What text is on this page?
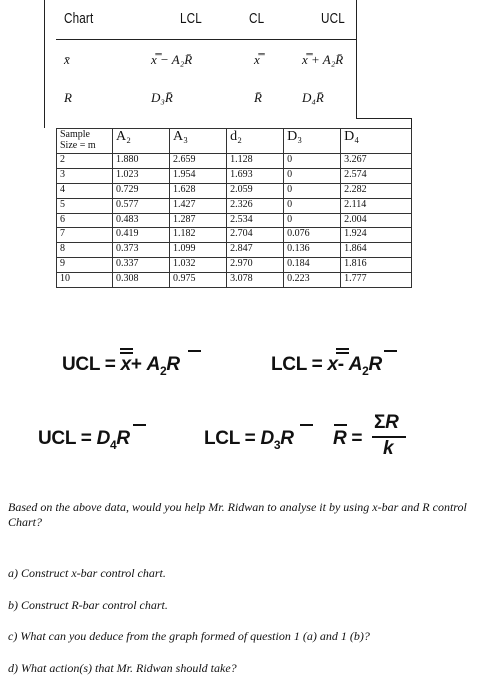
Chart	LCL	CL	UCL
x̄	x̿ − A₂R̄	x̿	x̿ + A₂R̄
R	D₃R̄	R̄	D₄R̄
Sample Size = m	A₂	A₃	d₂	D₃	D₄
2	1.880	2.659	1.128	0	3.267
3	1.023	1.954	1.693	0	2.574
4	0.729	1.628	2.059	0	2.282
5	0.577	1.427	2.326	0	2.114
6	0.483	1.287	2.534	0	2.004
7	0.419	1.182	2.704	0.076	1.924
8	0.373	1.099	2.847	0.136	1.864
9	0.337	1.032	2.970	0.184	1.816
10	0.308	0.975	3.078	0.223	1.777
UCL = $x+ A_2R$	LCL = x- $A_2R$
UCL = $D_4R$	LCL = $D_3R$ R =
ΣR
k
Based on the above data, would you help Mr. Ridwan to analyse it by using x-bar and R control Chart?
a) Construct x-bar control chart.
b) Construct R-bar control chart.
c) What can you deduce from the graph formed of question 1 (a) and 1 (b)?
d) What action(s) that Mr. Ridwan should take?
